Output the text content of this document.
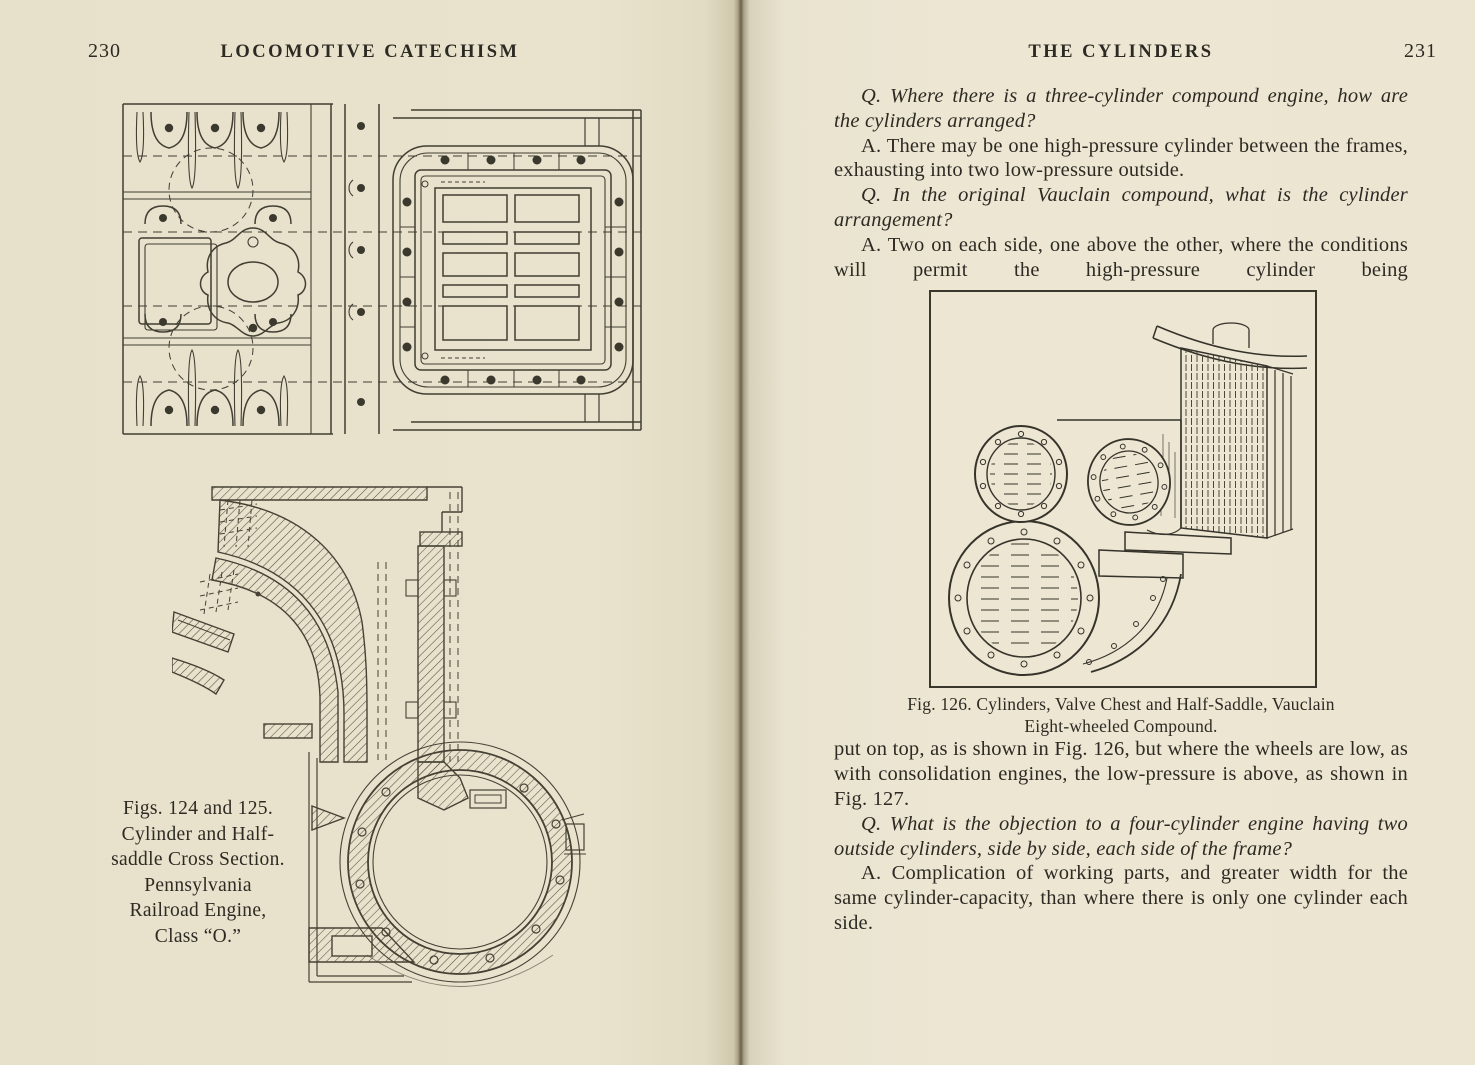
230	LOCOMOTIVE CATECHISM
Figs. 124 and 125.
Cylinder and Half-
saddle Cross Section.
Pennsylvania
Railroad Engine,
Class “O.”
THE CYLINDERS	231

Q. Where there is a three-cylinder compound engine, how are the cylinders arranged?

A. There may be one high-pressure cylinder between the frames, exhausting into two low-pressure outside.

Q. In the original Vauclain compound, what is the cylinder arrangement?

A. Two on each side, one above the other, where the conditions will permit the high-pressure cylinder being

Fig. 126. Cylinders, Valve Chest and Half-Saddle, Vauclain
Eight-wheeled Compound.

put on top, as is shown in Fig. 126, but where the wheels are low, as with consolidation engines, the low-pressure is above, as shown in Fig. 127.

Q. What is the objection to a four-cylinder engine having two outside cylinders, side by side, each side of the frame?

A. Complication of working parts, and greater width for the same cylinder-capacity, than where there is only one cylinder each side.
